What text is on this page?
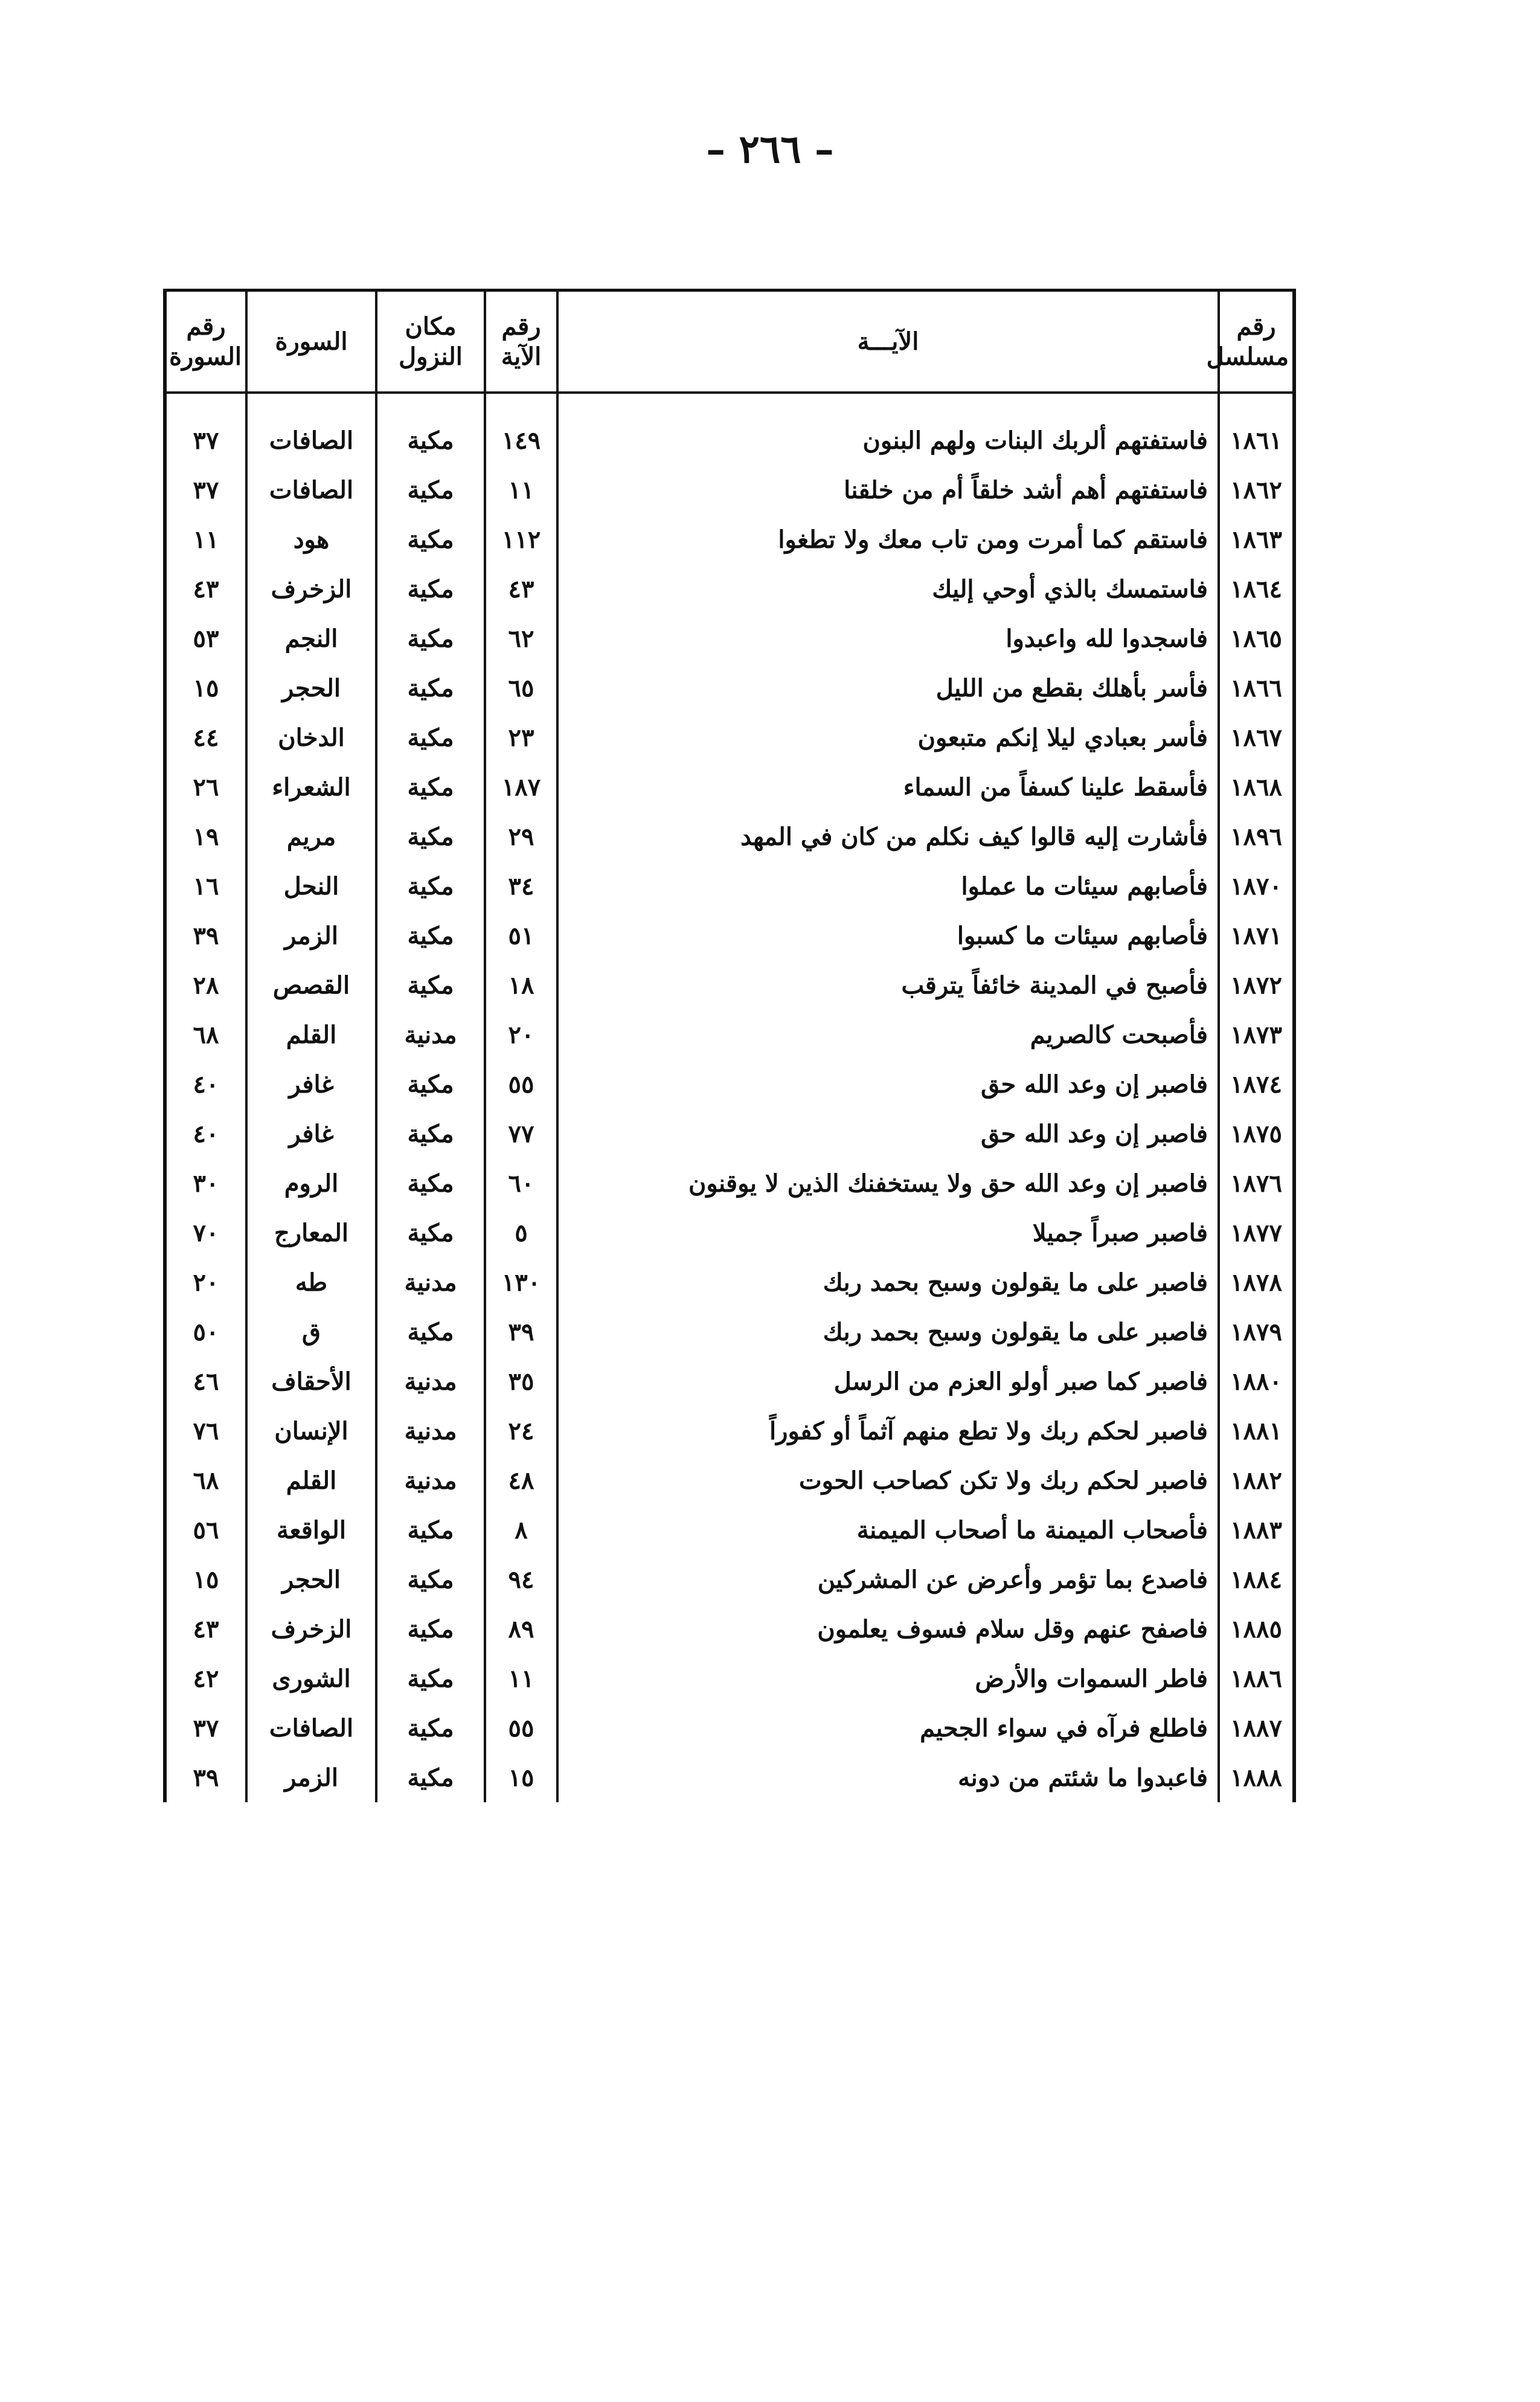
– ٢٦٦ –
رقم مسلسل	الآيـــة	رقم الآية	مكان النزول	السورة	رقم السورة

١٨٦١	فاستفتهم ألربك البنات ولهم البنون	١٤٩	مكية	الصافات	٣٧
١٨٦٢	فاستفتهم أهم أشد خلقاً أم من خلقنا	١١	مكية	الصافات	٣٧
١٨٦٣	فاستقم كما أمرت ومن تاب معك ولا تطغوا	١١٢	مكية	هود	١١
١٨٦٤	فاستمسك بالذي أوحي إليك	٤٣	مكية	الزخرف	٤٣
١٨٦٥	فاسجدوا لله واعبدوا	٦٢	مكية	النجم	٥٣
١٨٦٦	فأسر بأهلك بقطع من الليل	٦٥	مكية	الحجر	١٥
١٨٦٧	فأسر بعبادي ليلا إنكم متبعون	٢٣	مكية	الدخان	٤٤
١٨٦٨	فأسقط علينا كسفاً من السماء	١٨٧	مكية	الشعراء	٢٦
١٨٩٦	فأشارت إليه قالوا كيف نكلم من كان في المهد	٢٩	مكية	مريم	١٩
١٨٧٠	فأصابهم سيئات ما عملوا	٣٤	مكية	النحل	١٦
١٨٧١	فأصابهم سيئات ما كسبوا	٥١	مكية	الزمر	٣٩
١٨٧٢	فأصبح في المدينة خائفاً يترقب	١٨	مكية	القصص	٢٨
١٨٧٣	فأصبحت كالصريم	٢٠	مدنية	القلم	٦٨
١٨٧٤	فاصبر إن وعد الله حق	٥٥	مكية	غافر	٤٠
١٨٧٥	فاصبر إن وعد الله حق	٧٧	مكية	غافر	٤٠
١٨٧٦	فاصبر إن وعد الله حق ولا يستخفنك الذين لا يوقنون	٦٠	مكية	الروم	٣٠
١٨٧٧	فاصبر صبراً جميلا	٥	مكية	المعارج	٧٠
١٨٧٨	فاصبر على ما يقولون وسبح بحمد ربك	١٣٠	مدنية	طه	٢٠
١٨٧٩	فاصبر على ما يقولون وسبح بحمد ربك	٣٩	مكية	ق	٥٠
١٨٨٠	فاصبر كما صبر أولو العزم من الرسل	٣٥	مدنية	الأحقاف	٤٦
١٨٨١	فاصبر لحكم ربك ولا تطع منهم آثماً أو كفوراً	٢٤	مدنية	الإنسان	٧٦
١٨٨٢	فاصبر لحكم ربك ولا تكن كصاحب الحوت	٤٨	مدنية	القلم	٦٨
١٨٨٣	فأصحاب الميمنة ما أصحاب الميمنة	٨	مكية	الواقعة	٥٦
١٨٨٤	فاصدع بما تؤمر وأعرض عن المشركين	٩٤	مكية	الحجر	١٥
١٨٨٥	فاصفح عنهم وقل سلام فسوف يعلمون	٨٩	مكية	الزخرف	٤٣
١٨٨٦	فاطر السموات والأرض	١١	مكية	الشورى	٤٢
١٨٨٧	فاطلع فرآه في سواء الجحيم	٥٥	مكية	الصافات	٣٧
١٨٨٨	فاعبدوا ما شئتم من دونه	١٥	مكية	الزمر	٣٩
